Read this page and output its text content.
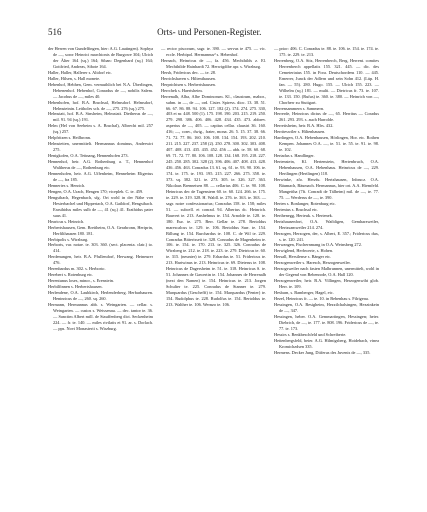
516	Orts- und Personen-Register.

der Herren von Gundelfingen, hier: A.G. Lautingen). Sophya de —, soror Heinrici marchionis de Burgowe 304; Ulrich der Älter 164 (sq.) 164; Siban: Degenhard (sq.) 164; Gottfried, Andreas, Sibote 164.

Haller, Haller, Hallerer s. Altdorf etc.

Haller, Hilsen, s. Hall monete.

Hebenhof, Hebhen, Gem. vermuthlich bei N.A. Überlingen, Hebenenhof. Hebenhof, Conradus de —, nobilis Salem. — Jacobus de —, miles 40.

Hebenhofen, hof. B.A. Bruchsal, Helmsdorf. Helmsdorf, Helmsteinin. Leitholes sch. de —, 275. 276 (sq.) 275.

Helmstatt, hof. B.A. Sinsheim, Helmstatt. Dietherus de —, mil. 91. 94 (sq.) 191.

Helm (Hel von Seebeim s. A. Bruchal), Albrecht mil. 257 (sq.) 257.

Helpfritzen s. Heilbronn.

Helmstetten, unermittelt. Hermannus dominus, Anderwirt 275.

Henigkofen, O.A. Tettnang, Hennenhofen 273.

Hennenhof, heir. A.G. Rothenburg a. T., Hennenhof Waltherus de —, Rothenburg etc.

Hennenhofen, heir. A.G. Uffenheim, Henneheim Eligertus de —, fra 185.

Henneries s. Henrich.

Hengen, O.A. Urach, Hengen 170; vicepleb. C. te. 459.

Hengstbach, Hegenbach, sfg. Ort wohl in der Nähe von Hesterbachel und Hippertach, O.A. Gaildorf, Hengstbach. Erasthidus miles sulb de —, 41 (sq.) 41. Erathidus pater suus 41.

Hearicus s. Heinrich.

Herbertshausen, Gem. Breitheim, O.A. Gerabronn, Heriprin, Herfilthausen 180. 181.

Herbipolis s. Wirzburg.

Herborts, var. notae. te. 303. 360. (sect. placenta. clair.) to. 414.

Herdenungen, heir. B.A. Pfullendorf, Herwang. Heineurer 476.

Herenbardus m. 302. s. Herborto.

Herebert s. Rotenburg etc.

Herentunus loses, minor., s. Erenstein.

Herbilfinnen s. Herbertshausen.

Herlendene, O.A. Laubkirch, Herlenderberg. Herbarhauren. Heninricus de —, 260. sq. 260.

Hermann, Hermannus abb. s. Weingarten. — cellar. s. Weingarten. — custos s. Weissenau. — dec. tantor te. 36. — Sanctim Albert mill. de Stauffenberg dict. Seckenheim 224. — fr. te. 140. — miles rivilatis et 91. ar. s. Dorlach. — pps. Novi Monasterii s. Wirzburg.

— rector piscorum, sagr. te. 390. — servus te 475. — vic. eccle. Herbipol. Hermannus² s. Hebenhof.

Hernach, Heinricus de —, fa. 456. Mechthilds z. El. Mechthilde Hainhardt 72. Herwigdibe apr. s. Wirzburg.

Hersb, Fridericus dec. — te. 28.

Herrichshaven s. Hiltenthausen.

Herprichtsen s. Herbertshausen.

Herrchek s. Haerisheim.

Herrenalb, Alba, Albe Dominorum. Kl., claustrum, mabor., subm. in —, de —, ord. Cister. Spiress. dioc. 13. 38. 51. 66. 67. 86. 88. 94. 106. 127. 182 (2). 174. 274. 275. 330, 403 et nr. 448. 500 (1). 175. 198. 190. 203. 215. 219. 250. 279. 298. 386. 406. 406. 428. 434. 435. 473. abbrev. asperius de —, 405. — capitus cellar. claustri 36. 160. 416; —, conv., dwig., frater, mona. 26. 5. 15. 37. 38. 66. 71. 72. 77. 86. 160. 106. 108. 134. 154. 193. 202. 210. 211. 215. 227. 237. 258 (2). 250. 278. 300. 302. 303. 408. 407. 408. 413. 435. 435. 452. 456 — abb. te. 58. 60. 68. 69. 71. 72. 77. 80. 106. 108. 128. 134. 168. 195. 218. 227. 245. 250. 285. 302. 328 (2). 396. 406. 407. 408. 413. 428. 436. 456. 463. Conradus 13. 61. sq. 61. te. 93. 90. 106. te. 174. te. 175. te. 193. 195. 215. 227. 266. 275. 358. te. 373. sq. 382. 321. te. 273. 305. te. 326. 327. 363. Nikolaus Brenneisen 88. — cellarius 406. C. te. 90. 108. Heinricus dec de Tagenstern 60. te. 60. 124. 266. te. 175. te. 229. te. 319. 328. H. Waldl. te. 276. te. 363. te. 363. — sagr. notre confessionarius; Conradus 158. te. 158; miles 51. — subcell. et conrad. 94. Albertus dc. Heinrich. Bauvert te. 213. Anshelmus te. 154. Arnolde te. 128. te. 180. Eur. te. 275. Berr. Gellar te. 278. Bertoldus marescalcus te. 129. te. 106. Bertoldus Surr. te. 154. Billung te. 154. Burchardus te. 108. C. de Wil te. 229. Conradus Bitterisseit te. 328. Conradus de Magenheim te. 106. te. 154. te. 170. 213. te. 325. 326. Conradus de Wirzberg te. 212. te. 218. te. 223. te. 279. Dietricus te. 60. te. 315. (neunter) te. 279. Erhardus te. 51. Fridericus te. 213. Hartwinus te. 213. Heinricus te. 69. Dieterus te. 108. Heinricus de Dagersheim te. 51. te. 318. Heinricus S. te. 51. Johannes de Gawertin te. 154. Johannes de Herrenalb (next den Namen) te. 154. Heinricus te. 213. Jorgen Schulter te. 225. Conradus de Stanner te. 279. Marquardus (Geschefft) te. 154. Marquardus (Fenter) te. 154. Rudolphus te. 228. Rudolfus te. 154. Bertoldus te. 213. Walther te. 106. Wernzo te. 106.

— prior: 406. C. Conradus te. 88. te. 106. te. 154. te. 174. te. 175. te. 229. te. 213.

Herrenberg, O.A. Sitz, Herrenberch, Berg, Herrent. comites Herrenberch appellatis 155. 321. 445. — dic. des Cemeteriatus 155. in Fora. Deutschordens 110. — 445. Ernerrer, Junck der Adlern und sein Sohn 412. (Lüp. H. fan. — 55). 280. Hugo. 155. — Ulrich 155. 223. — Wilhelm (sq.) 181. — multi. — Dietricus fr. 73. te. 107. te. 133. 150. (Rufus) te. 360. te. 380. — Heinrich von —, Chorherr zu Stuttgart.

Herrensammern s. Sammern.

Herrerde, Heinricus dictus de —, 65. Herritus — Coradus 261. 293. 293. s. auch Harrolde.

Herretisheim, heir. B.A. Hlrs. 432.

Herriteswiler s. Hiltenhausen.

Harrlingen, O.A. Hebenhausen, Hörlingen, Hor. etc. Rothen Kempen. Johannes O.A. —, te. 51. te. 55. te. 91. te. 98. te. 102.

Hertadus s. Handlinger.

Hertenstein, Kl. Hertenstein, Hertenbruch, O.A. Hebenhausen, O.A. Hebenhaus. Heinricus de —, 229. Hertlingen (Hertlingen) 118.

Herwinke, zfo. Herzfu. Hertzhausen, Inbrucz. O.A. Bäumach, Bäumach. Hermannus, hier ort. A.A. Hiemfeld. Mangeitha (7ft. Conradt de Tälheim) mil. de —, te. 77. 75. — Werderus de —, te. 390.

Herten s. Bonlanger, Rotenburg etc.

Hertenius s. Bruchsal etc.

Herthenegg, Herteuk. s. Hertenek.

Hertzhausenfort, O.A. Waibligen, Gemharzweiler, Hertzsamweiler 214. 274.

Herzogen, Herzogen, der, s. Albert, E. 357.; Fridericus dux, s. te. 120. 241.

Herwangen, Fischernmang in O.A. Weinsberg 272.

Herwiglend, Herbwerte, s. Hohen.

Hersall, Hersilense s. Bänger etc.

Herzogenweiler s. Haresch, Herzogenweiler.

Herzogsweiler nach fasten Malbrunnen, unermittelt, wohl in der Gegend von Bebenrode, O.A. Hall 120.

Herzogenweiler, heir. B.A. Villingen, Herzogenwiht glob. Herr. te. 109.

Hesbarn, s. Bamberger, Hagel, etc.

Hezel, Heinricus fr. — te. 10. in Bebenhau s. Filrigeau.

Hessingen, O.A. Besigheim, Hezzilchalsingen, Hezzinkein de —, 347.

Hessingen, heber. O.A. Gemmartingen, Hessingen; heier. Diebrich, de —, te. 177. te. 808. 196. Fridericus de —, te. 77. te. 173.

Hessirs s. Benkbeschfeld und Schreiberie.

Hettenbergsfeld, beier. A.G. Hilmigsberg, Hoidebach, vinea Kromichzdsen 335.

Hermens. Decker Jung, Diiferus des Juvenis de —, 335.
